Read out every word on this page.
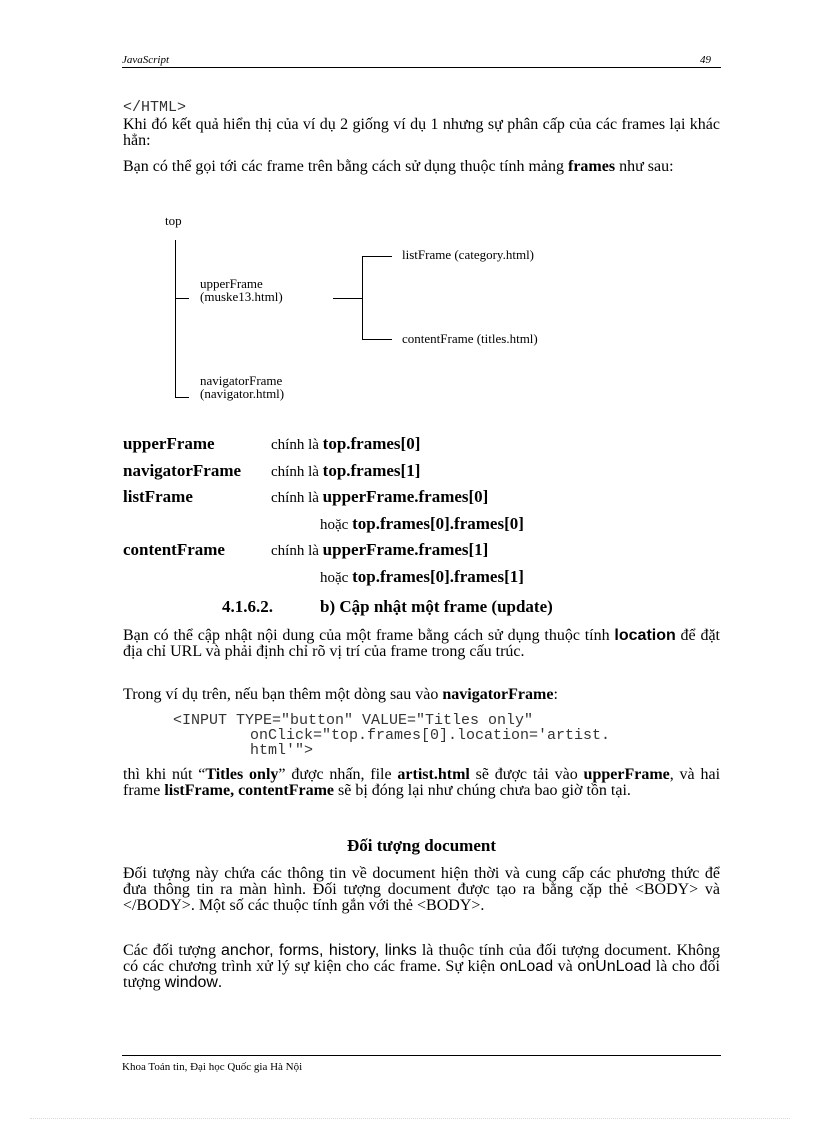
JavaScript	49
</HTML>
Khi đó kết quả hiển thị của ví dụ 2 giống ví dụ 1 nhưng sự phân cấp của các frames lại khác hẳn:
Bạn có thể gọi tới các frame trên bằng cách sử dụng thuộc tính mảng frames như sau:
top
upperFrame
(muske13.html)
listFrame (category.html)
contentFrame (titles.html)
navigatorFrame
(navigator.html)
upperFrame	chính là top.frames[0]
navigatorFrame chính là top.frames[1]
listFrame	chính là upperFrame.frames[0]
hoặc top.frames[0].frames[0]
contentFrame	chính là upperFrame.frames[1]
hoặc top.frames[0].frames[1]
4.1.6.2.	b) Cập nhật một frame (update)
Bạn có thể cập nhật nội dung của một frame bằng cách sử dụng thuộc tính location để đặt địa chỉ URL và phải định chỉ rõ vị trí của frame trong cấu trúc.
Trong ví dụ trên, nếu bạn thêm một dòng sau vào navigatorFrame:
<INPUT TYPE="button" VALUE="Titles only"
onClick="top.frames[0].location='artist.
html'">
thì khi nút “Titles only” được nhấn, file artist.html sẽ được tải vào upperFrame, và hai frame listFrame, contentFrame sẽ bị đóng lại như chúng chưa bao giờ tồn tại.
Đối tượng document
Đối tượng này chứa các thông tin về document hiện thời và cung cấp các phương thức để đưa thông tin ra màn hình. Đối tượng document được tạo ra bằng cặp thẻ <BODY> và </BODY>. Một số các thuộc tính gắn với thẻ <BODY>.
Các đối tượng anchor, forms, history, links là thuộc tính của đối tượng document. Không có các chương trình xử lý sự kiện cho các frame. Sự kiện onLoad và onUnLoad là cho đối tượng window.
Khoa Toán tin, Đại học Quốc gia Hà Nội
